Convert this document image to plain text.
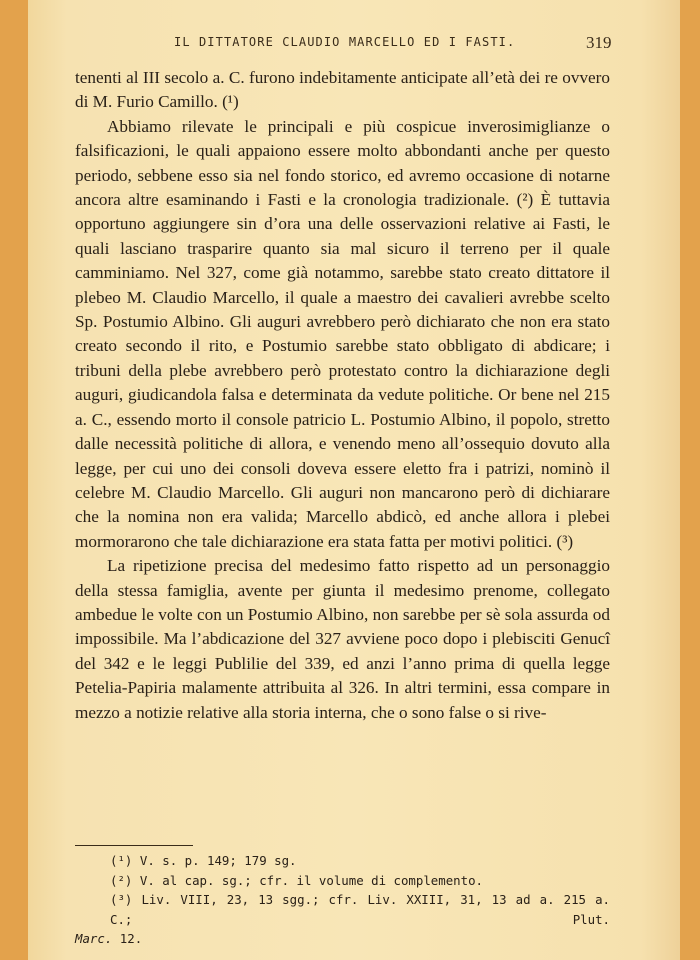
IL DITTATORE CLAUDIO MARCELLO ED I FASTI.	319

tenenti al III secolo a. C. furono indebitamente anticipate all’età dei re ovvero di M. Furio Camillo. (¹)

Abbiamo rilevate le principali e più cospicue inverosimiglianze o falsificazioni, le quali appaiono essere molto abbondanti anche per questo periodo, sebbene esso sia nel fondo storico, ed avremo occasione di notarne ancora altre esaminando i Fasti e la cronologia tradizionale. (²) È tuttavia opportuno aggiungere sin d’ora una delle osservazioni relative ai Fasti, le quali lasciano trasparire quanto sia mal sicuro il terreno per il quale camminiamo. Nel 327, come già notammo, sarebbe stato creato dittatore il plebeo M. Claudio Marcello, il quale a maestro dei cavalieri avrebbe scelto Sp. Postumio Albino. Gli auguri avrebbero però dichiarato che non era stato creato secondo il rito, e Postumio sarebbe stato obbligato di abdicare; i tribuni della plebe avrebbero però protestato contro la dichiarazione degli auguri, giudicandola falsa e determinata da vedute politiche. Or bene nel 215 a. C., essendo morto il console patricio L. Postumio Albino, il popolo, stretto dalle necessità politiche di allora, e venendo meno all’ossequio dovuto alla legge, per cui uno dei consoli doveva essere eletto fra i patrizi, nominò il celebre M. Claudio Marcello. Gli auguri non mancarono però di dichiarare che la nomina non era valida; Marcello abdicò, ed anche allora i plebei mormorarono che tale dichiarazione era stata fatta per motivi politici. (³)

La ripetizione precisa del medesimo fatto rispetto ad un personaggio della stessa famiglia, avente per giunta il medesimo prenome, collegato ambedue le volte con un Postumio Albino, non sarebbe per sè sola assurda od impossibile. Ma l’abdicazione del 327 avviene poco dopo i plebisciti Genucî del 342 e le leggi Publilie del 339, ed anzi l’anno prima di quella legge Petelia-Papiria malamente attribuita al 326. In altri termini, essa compare in mezzo a notizie relative alla storia interna, che o sono false o si rive-

(¹) V. s. p. 149; 179 sg.

(²) V. al cap. sg.; cfr. il volume di complemento.

(³) Liv. VIII, 23, 13 sgg.; cfr. Liv. XXIII, 31, 13 ad a. 215 a. C.; Plut.

Marc. 12.
